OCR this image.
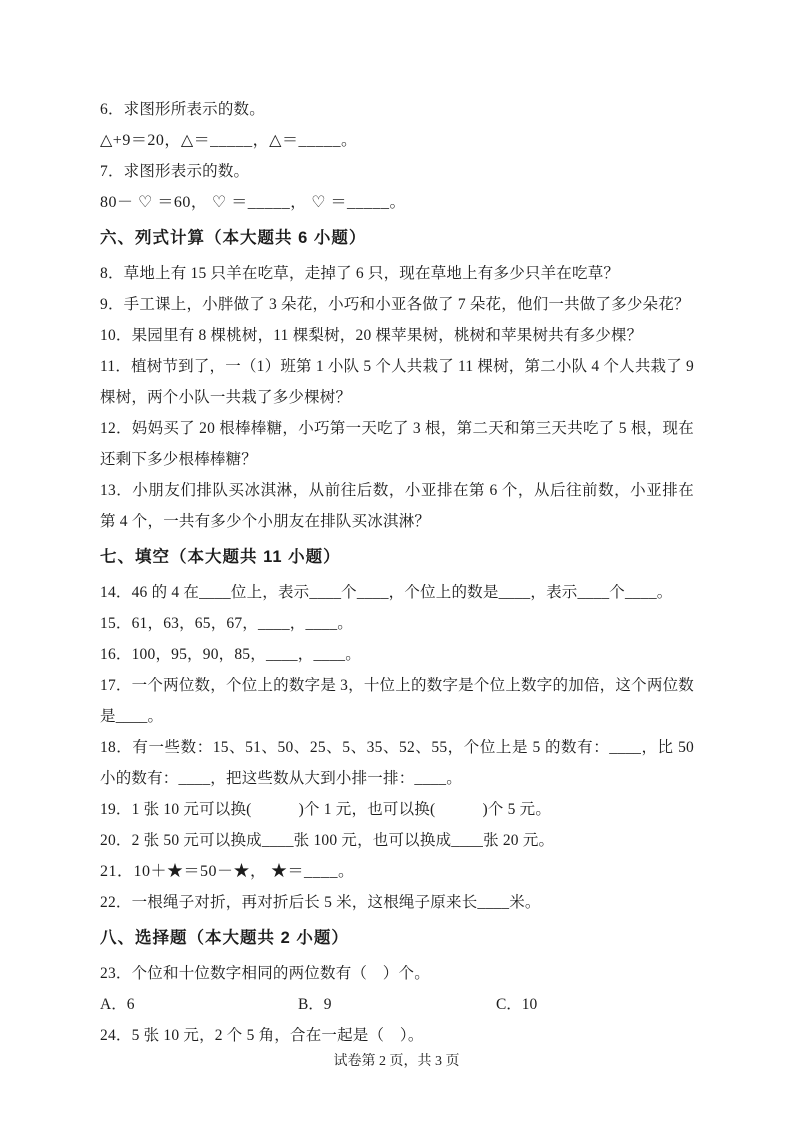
6．求图形所表示的数。

△+9＝20，△＝_____，△＝_____。

7．求图形表示的数。

80－ ♡ ＝60， ♡ ＝_____， ♡ ＝_____。

六、列式计算（本大题共 6 小题）

8．草地上有 15 只羊在吃草，走掉了 6 只，现在草地上有多少只羊在吃草？

9．手工课上，小胖做了 3 朵花，小巧和小亚各做了 7 朵花，他们一共做了多少朵花？

10．果园里有 8 棵桃树，11 棵梨树，20 棵苹果树，桃树和苹果树共有多少棵？

11．植树节到了，一（1）班第 1 小队 5 个人共栽了 11 棵树，第二小队 4 个人共栽了 9 棵树，两个小队一共栽了多少棵树？

12．妈妈买了 20 根棒棒糖，小巧第一天吃了 3 根，第二天和第三天共吃了 5 根，现在还剩下多少根棒棒糖？

13．小朋友们排队买冰淇淋，从前往后数，小亚排在第 6 个，从后往前数，小亚排在第 4 个，一共有多少个小朋友在排队买冰淇淋？

七、填空（本大题共 11 小题）

14．46 的 4 在____位上，表示____个____，个位上的数是____，表示____个____。

15．61，63，65，67，____，____。

16．100，95，90，85，____，____。

17．一个两位数，个位上的数字是 3，十位上的数字是个位上数字的加倍，这个两位数是____。

18．有一些数：15、51、50、25、5、35、52、55，个位上是 5 的数有：____，比 50 小的数有：____，把这些数从大到小排一排：____。

19．1 张 10 元可以换(　　　)个 1 元，也可以换(　　　)个 5 元。

20．2 张 50 元可以换成____张 100 元，也可以换成____张 20 元。

21．10＋★＝50－★， ★＝____。

22．一根绳子对折，再对折后长 5 米，这根绳子原来长____米。

八、选择题（本大题共 2 小题）

23．个位和十位数字相同的两位数有（　）个。

A．6	B．9	C．10

24．5 张 10 元，2 个 5 角，合在一起是（　）。

试卷第 2 页，共 3 页
